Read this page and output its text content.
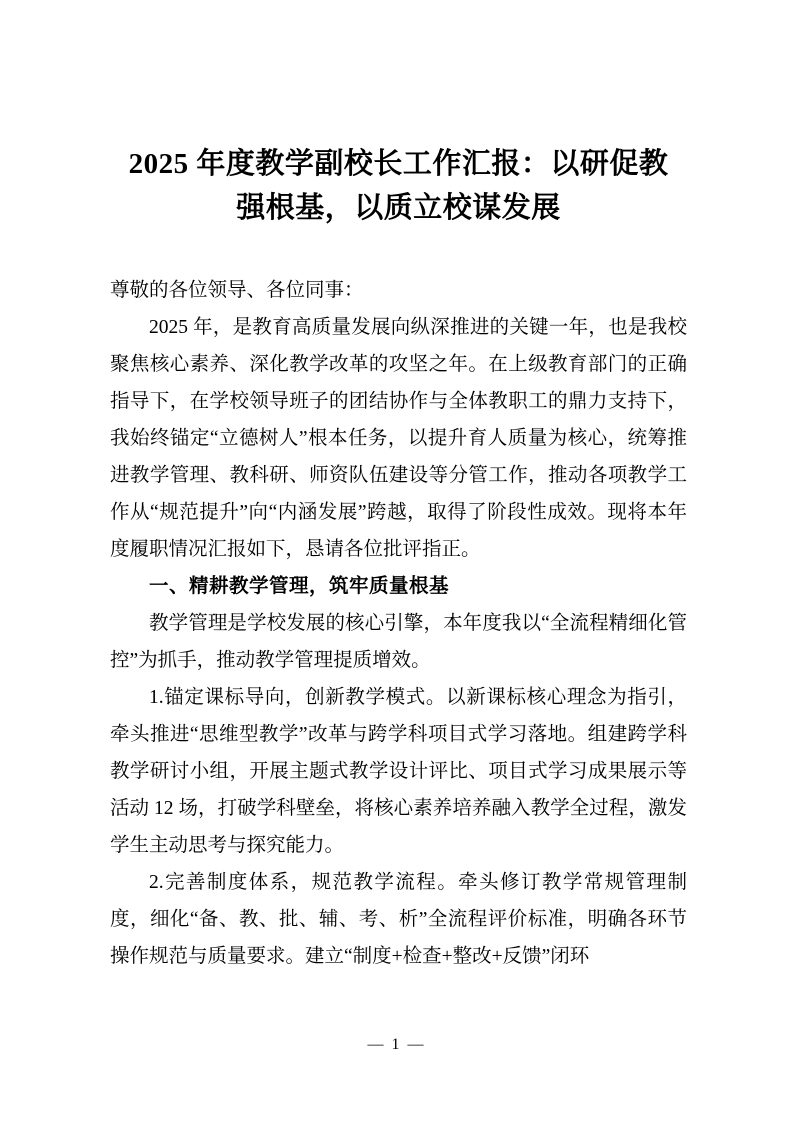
2025 年度教学副校长工作汇报：以研促教
强根基，以质立校谋发展

尊敬的各位领导、各位同事：

2025 年，是教育高质量发展向纵深推进的关键一年，也是我校聚焦核心素养、深化教学改革的攻坚之年。在上级教育部门的正确指导下，在学校领导班子的团结协作与全体教职工的鼎力支持下，我始终锚定“立德树人”根本任务，以提升育人质量为核心，统筹推进教学管理、教科研、师资队伍建设等分管工作，推动各项教学工作从“规范提升”向“内涵发展”跨越，取得了阶段性成效。现将本年度履职情况汇报如下，恳请各位批评指正。

一、精耕教学管理，筑牢质量根基

教学管理是学校发展的核心引擎，本年度我以“全流程精细化管控”为抓手，推动教学管理提质增效。

1.锚定课标导向，创新教学模式。以新课标核心理念为指引，牵头推进“思维型教学”改革与跨学科项目式学习落地。组建跨学科教学研讨小组，开展主题式教学设计评比、项目式学习成果展示等活动 12 场，打破学科壁垒，将核心素养培养融入教学全过程，激发学生主动思考与探究能力。

2.完善制度体系，规范教学流程。牵头修订教学常规管理制度，细化“备、教、批、辅、考、析”全流程评价标准，明确各环节操作规范与质量要求。建立“制度+检查+整改+反馈”闭环

— 1 —
